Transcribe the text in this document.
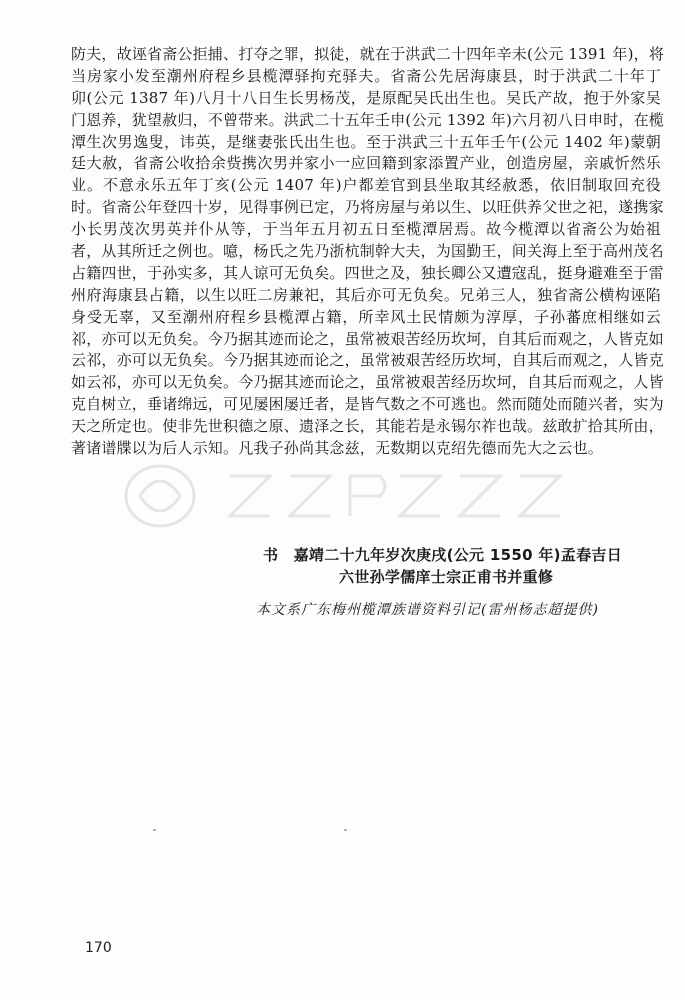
防夫，故诬省斋公拒捕、打夺之罪，拟徒，就在于洪武二十四年辛未(公元 1391 年)，将
当房家小发至潮州府程乡县榄潭驿拘充驿夫。省斋公先居海康县，时于洪武二十年丁
卯(公元 1387 年)八月十八日生长男杨茂，是原配吴氏出生也。吴氏产故，抱于外家吴
门恩养，犹望赦归，不曾带来。洪武二十五年壬申(公元 1392 年)六月初八日申时，在榄
潭生次男逸叟，讳英，是继妻张氏出生也。至于洪武三十五年壬午(公元 1402 年)蒙朝
廷大赦，省斋公收拾余赀携次男并家小一应回籍到家添置产业，创造房屋，亲戚忻然乐
业。不意永乐五年丁亥(公元 1407 年)户都差官到县坐取其经赦悉，依旧制取回充役
时。省斋公年登四十岁，见得事例已定，乃将房屋与弟以生、以旺供养父世之祀，遂携家
小长男茂次男英并仆从等，于当年五月初五日至榄潭居焉。故今榄潭以省斋公为始祖
者，从其所迁之例也。噫，杨氏之先乃浙杭制幹大夫，为国勤王，间关海上至于高州茂名
占籍四世，于孙实多，其人谅可无负矣。四世之及，独长卿公又遭寇乱，挺身避难至于雷
州府海康县占籍，以生以旺二房兼祀，其后亦可无负矣。兄弟三人，独省斋公横构诬陷
身受无辜，又至潮州府程乡县榄潭占籍，所幸风土民情颇为淳厚，子孙蕃庶相继如云
祁，亦可以无负矣。今乃据其迹而论之，虽常被艰苦经历坎坷，自其后而观之，人皆克如
云祁，亦可以无负矣。今乃据其迹而论之，虽常被艰苦经历坎坷，自其后而观之，人皆克
如云祁，亦可以无负矣。今乃据其迹而论之，虽常被艰苦经历坎坷，自其后而观之，人皆
克自树立，垂诸绵远，可见屡困屡迁者，是皆气数之不可逃也。然而随处而随兴者，实为
天之所定也。使非先世积德之原、遗泽之长，其能若是永锡尔祚也哉。兹敢扩拾其所由，
著诸谱牒以为后人示知。凡我子孙尚其念兹，无数期以克绍先德而先大之云也。
书　嘉靖二十九年岁次庚戌(公元 1550 年)孟春吉日
六世孙学儒庠士宗正甫书并重修
本文系广东梅州榄潭族谱资料引记(雷州杨志超提供)
170
